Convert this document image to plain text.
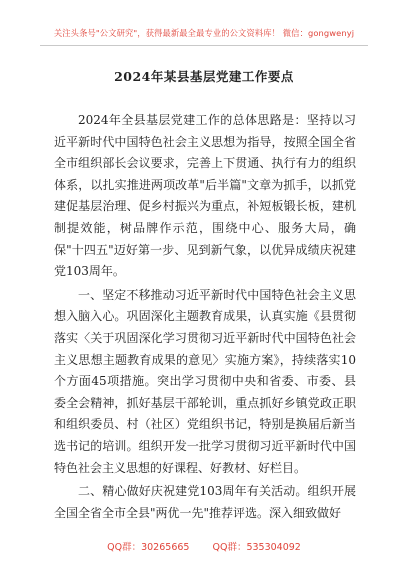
关注头条号"公文研究"，获得最新最全最专业的公文资料库！ 微信：gongwenyj
2024年某县基层党建工作要点

2024年全县基层党建工作的总体思路是：坚持以习近平新时代中国特色社会主义思想为指导，按照全国全省全市组织部长会议要求，完善上下贯通、执行有力的组织体系，以扎实推进两项改革"后半篇"文章为抓手，以抓党建促基层治理、促乡村振兴为重点，补短板锻长板，建机制提效能，树品牌作示范，围绕中心、服务大局，确保"十四五"迈好第一步、见到新气象，以优异成绩庆祝建党103周年。

一、坚定不移推动习近平新时代中国特色社会主义思想入脑入心。巩固深化主题教育成果，认真实施《县贯彻落实〈关于巩固深化学习贯彻习近平新时代中国特色社会主义思想主题教育成果的意见〉实施方案》，持续落实10个方面45项措施。突出学习贯彻中央和省委、市委、县委全会精神，抓好基层干部轮训，重点抓好乡镇党政正职和组织委员、村（社区）党组织书记，特别是换届后新当选书记的培训。组织开发一批学习贯彻习近平新时代中国特色社会主义思想的好课程、好教材、好栏目。

二、精心做好庆祝建党103周年有关活动。组织开展全国全省全市全县"两优一先"推荐评选。深入细致做好

QQ群：30265665 QQ群：535304092
